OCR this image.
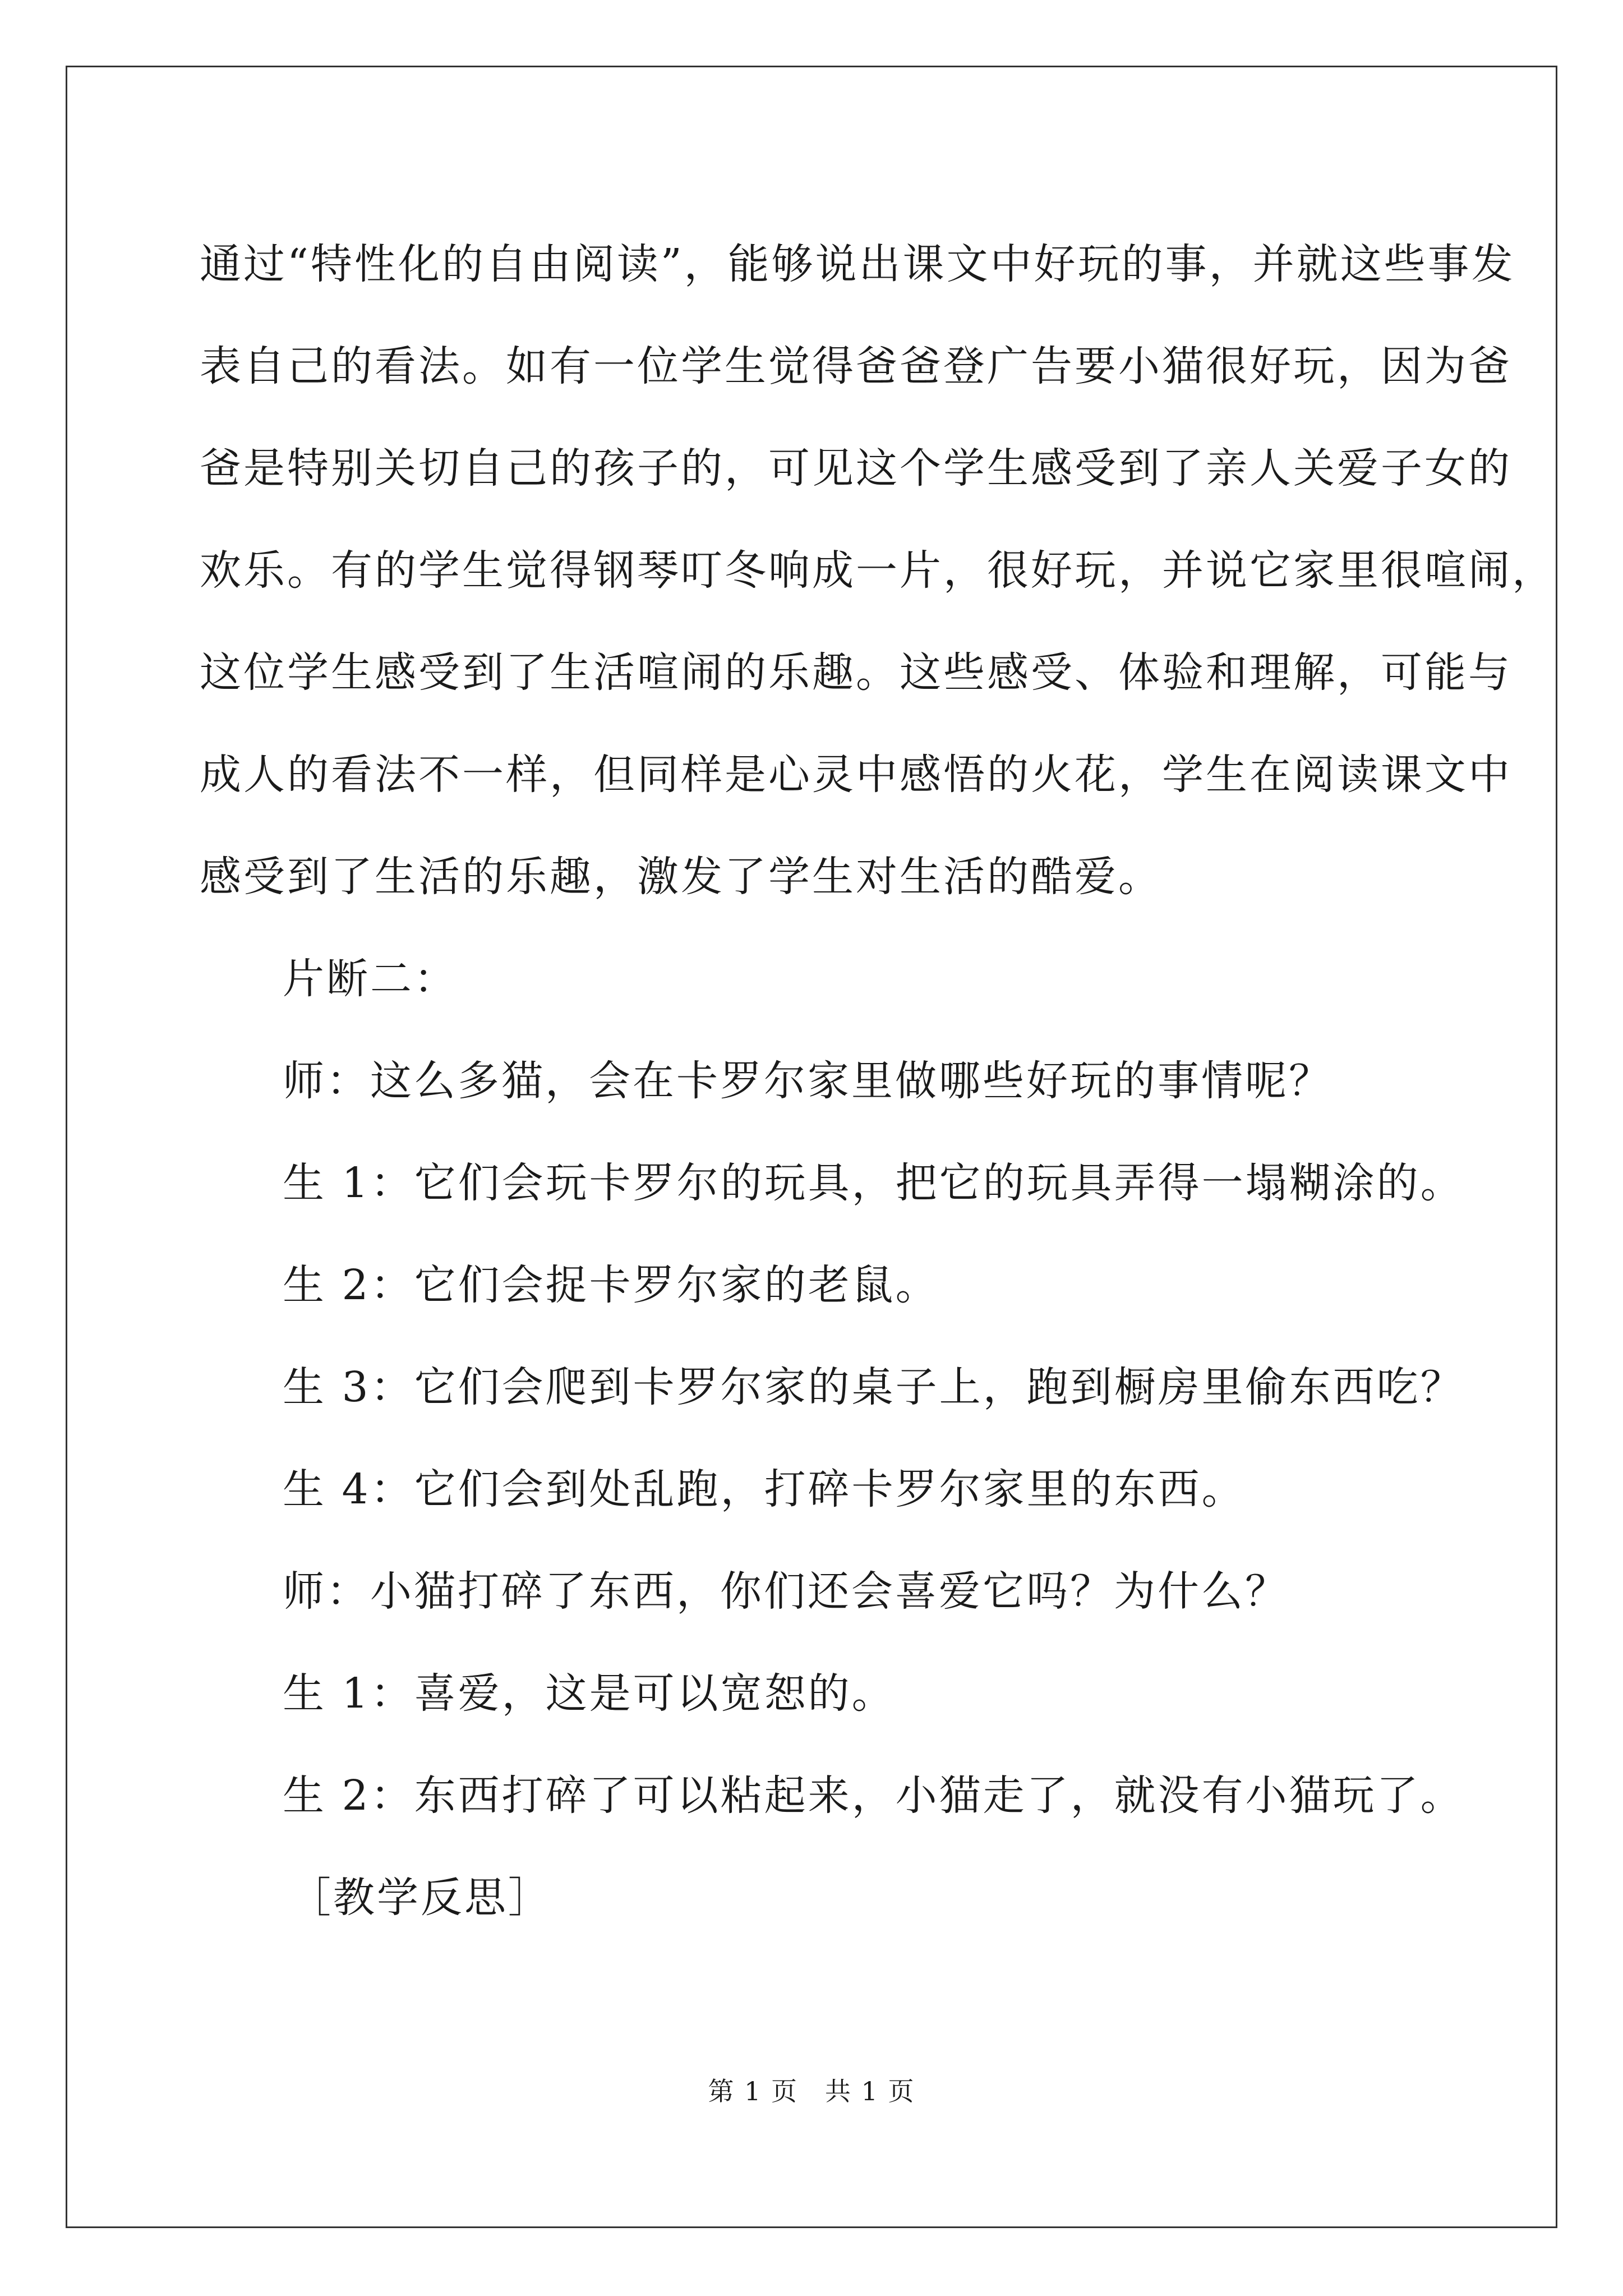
通过“特性化的自由阅读”，能够说出课文中好玩的事，并就这些事发
表自己的看法。如有一位学生觉得爸爸登广告要小猫很好玩，因为爸
爸是特别关切自己的孩子的，可见这个学生感受到了亲人关爱子女的
欢乐。有的学生觉得钢琴叮冬响成一片，很好玩，并说它家里很喧闹，
这位学生感受到了生活喧闹的乐趣。这些感受、体验和理解，可能与
成人的看法不一样，但同样是心灵中感悟的火花，学生在阅读课文中
感受到了生活的乐趣，激发了学生对生活的酷爱。
片断二：
师：这么多猫，会在卡罗尔家里做哪些好玩的事情呢？
生 1：它们会玩卡罗尔的玩具，把它的玩具弄得一塌糊涂的。
生 2：它们会捉卡罗尔家的老鼠。
生 3：它们会爬到卡罗尔家的桌子上，跑到橱房里偷东西吃？
生 4：它们会到处乱跑，打碎卡罗尔家里的东西。
师：小猫打碎了东西，你们还会喜爱它吗？为什么？
生 1：喜爱，这是可以宽恕的。
生 2：东西打碎了可以粘起来，小猫走了，就没有小猫玩了。
［教学反思］
第 1 页　共 1 页
